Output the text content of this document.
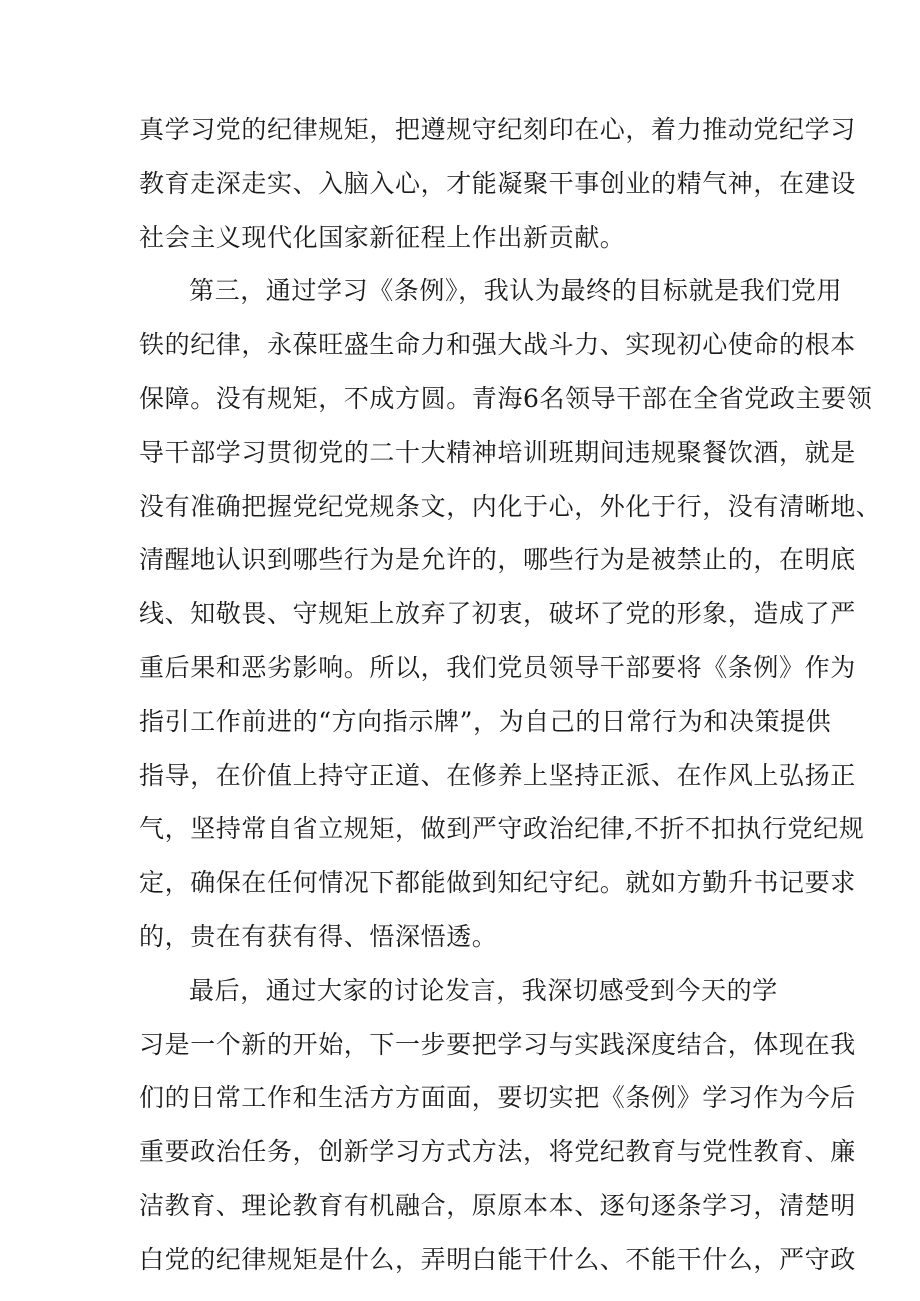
真学习党的纪律规矩，把遵规守纪刻印在心，着力推动党纪学习
教育走深走实、入脑入心，才能凝聚干事创业的精气神，在建设
社会主义现代化国家新征程上作出新贡献。
第三，通过学习《条例》，我认为最终的目标就是我们党用
铁的纪律，永葆旺盛生命力和强大战斗力、实现初心使命的根本
保障。没有规矩，不成方圆。青海6名领导干部在全省党政主要领
导干部学习贯彻党的二十大精神培训班期间违规聚餐饮酒，就是
没有准确把握党纪党规条文，内化于心，外化于行，没有清晰地、
清醒地认识到哪些行为是允许的，哪些行为是被禁止的，在明底
线、知敬畏、守规矩上放弃了初衷，破坏了党的形象，造成了严
重后果和恶劣影响。所以，我们党员领导干部要将《条例》作为
指引工作前进的“方向指示牌”，为自己的日常行为和决策提供
指导，在价值上持守正道、在修养上坚持正派、在作风上弘扬正
气，坚持常自省立规矩，做到严守政治纪律,不折不扣执行党纪规
定，确保在任何情况下都能做到知纪守纪。就如方勤升书记要求
的，贵在有获有得、悟深悟透。
最后，通过大家的讨论发言，我深切感受到今天的学
习是一个新的开始，下一步要把学习与实践深度结合，体现在我
们的日常工作和生活方方面面，要切实把《条例》学习作为今后
重要政治任务，创新学习方式方法，将党纪教育与党性教育、廉
洁教育、理论教育有机融合，原原本本、逐句逐条学习，清楚明
白党的纪律规矩是什么，弄明白能干什么、不能干什么，严守政
